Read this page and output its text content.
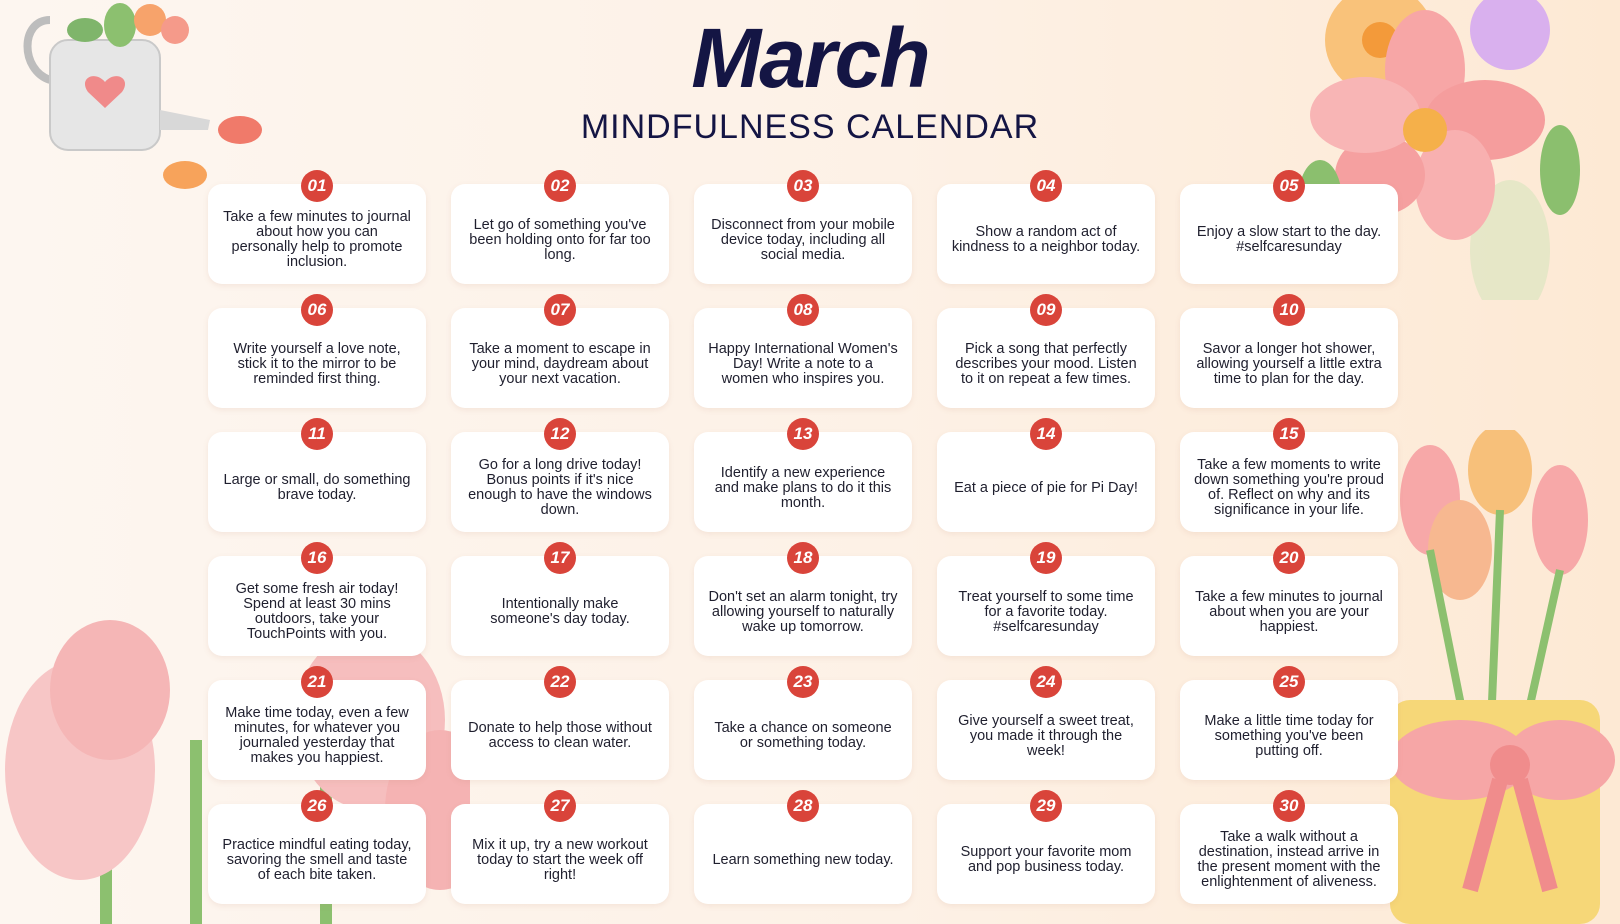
March
MINDFULNESS CALENDAR
01
Take a few minutes to journal about how you can personally help to promote inclusion.
02
Let go of something you've been holding onto for far too long.
03
Disconnect from your mobile device today, including all social media.
04
Show a random act of kindness to a neighbor today.
05
Enjoy a slow start to the day. #selfcaresunday
06
Write yourself a love note, stick it to the mirror to be reminded first thing.
07
Take a moment to escape in your mind, daydream about your next vacation.
08
Happy International Women's Day! Write a note to a women who inspires you.
09
Pick a song that perfectly describes your mood. Listen to it on repeat a few times.
10
Savor a longer hot shower, allowing yourself a little extra time to plan for the day.
11
Large or small, do something brave today.
12
Go for a long drive today! Bonus points if it's nice enough to have the windows down.
13
Identify a new experience and make plans to do it this month.
14
Eat a piece of pie for Pi Day!
15
Take a few moments to write down something you're proud of. Reflect on why and its significance in your life.
16
Get some fresh air today! Spend at least 30 mins outdoors, take your TouchPoints with you.
17
Intentionally make someone's day today.
18
Don't set an alarm tonight, try allowing yourself to naturally wake up tomorrow.
19
Treat yourself to some time for a favorite today. #selfcaresunday
20
Take a few minutes to journal about when you are your happiest.
21
Make time today, even a few minutes, for whatever you journaled yesterday that makes you happiest.
22
Donate to help those without access to clean water.
23
Take a chance on someone or something today.
24
Give yourself a sweet treat, you made it through the week!
25
Make a little time today for something you've been putting off.
26
Practice mindful eating today, savoring the smell and taste of each bite taken.
27
Mix it up, try a new workout today to start the week off right!
28
Learn something new today.
29
Support your favorite mom and pop business today.
30
Take a walk without a destination, instead arrive in the present moment with the enlightenment of aliveness.
